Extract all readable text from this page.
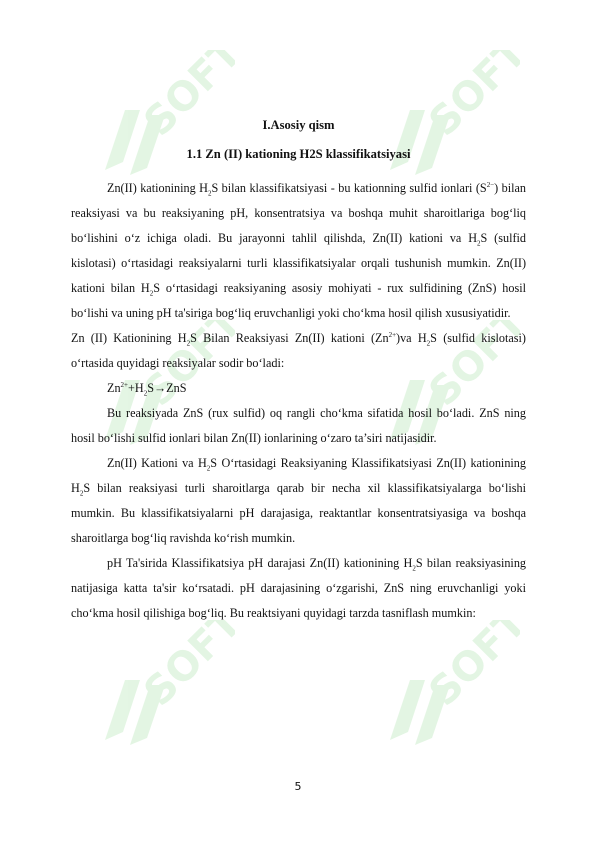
SOFT	SOFT
SOFT	SOFT
SOFT	SOFT
I.Asosiy qism
1.1 Zn (II) kationing H2S klassifikatsiyasi

Zn(II) kationining $H_2S$ bilan klassifikatsiyasi - bu kationning sulfid ionlari $(S^{2-})$ bilan reaksiyasi va bu reaksiyaning pH, konsentratsiya va boshqa muhit sharoitlariga bog‘liq bo‘lishini o‘z ichiga oladi. Bu jarayonni tahlil qilishda, Zn(II) kationi va $H_2S$ (sulfid kislotasi) o‘rtasidagi reaksiyalarni turli klassifikatsiyalar orqali tushunish mumkin. Zn(II) kationi bilan $H_2S$ o‘rtasidagi reaksiyaning asosiy mohiyati - rux sulfidining (ZnS) hosil bo‘lishi va uning pH ta'siriga bog‘liq eruvchanligi yoki cho‘kma hosil qilish xususiyatidir.

Zn (II) Kationining $H_2S$ Bilan Reaksiyasi Zn(II) kationi $(Zn^{2+})va$ $H_2S$ (sulfid kislotasi) o‘rtasida quyidagi reaksiyalar sodir bo‘ladi:

$Zn^{2+}+H_2S\to ZnS$

Bu reaksiyada ZnS (rux sulfid) oq rangli cho‘kma sifatida hosil bo‘ladi. ZnS ning hosil bo‘lishi sulfid ionlari bilan Zn(II) ionlarining o‘zaro ta’siri natijasidir.

Zn(II) Kationi va $H_2S$ O‘rtasidagi Reaksiyaning Klassifikatsiyasi Zn(II) kationining $H_2S$ bilan reaksiyasi turli sharoitlarga qarab bir necha xil klassifikatsiyalarga bo‘lishi mumkin. Bu klassifikatsiyalarni pH darajasiga, reaktantlar konsentratsiyasiga va boshqa sharoitlarga bog‘liq ravishda ko‘rish mumkin.

pH Ta'sirida Klassifikatsiya pH darajasi Zn(II) kationining $H_2S$ bilan reaksiyasining natijasiga katta ta'sir ko‘rsatadi. pH darajasining o‘zgarishi, ZnS ning eruvchanligi yoki cho‘kma hosil qilishiga bog‘liq. Bu reaktsiyani quyidagi tarzda tasniflash mumkin:

5
